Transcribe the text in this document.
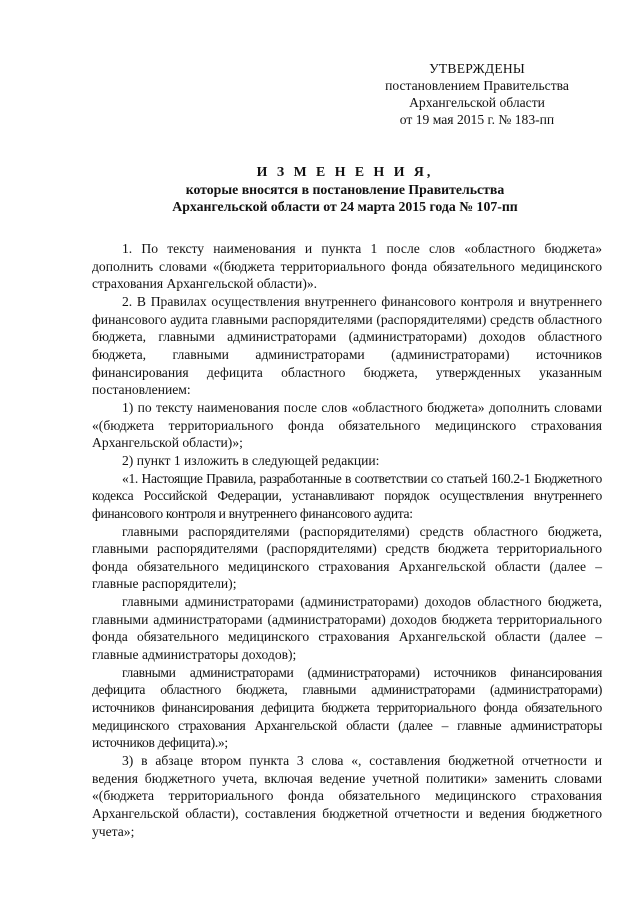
УТВЕРЖДЕНЫ
постановлением Правительства
Архангельской области
от 19 мая 2015 г. № 183-пп
И З М Е Н Е Н И Я,
которые вносятся в постановление Правительства
Архангельской области от 24 марта 2015 года № 107-пп

1. По тексту наименования и пункта 1 после слов «областного бюджета» дополнить словами «(бюджета территориального фонда обязательного медицинского страхования Архангельской области)».

2. В Правилах осуществления внутреннего финансового контроля и внутреннего финансового аудита главными распорядителями (распорядителями) средств областного бюджета, главными администраторами (администраторами) доходов областного бюджета, главными администраторами (администраторами) источников финансирования дефицита областного бюджета, утвержденных указанным постановлением:

1) по тексту наименования после слов «областного бюджета» дополнить словами «(бюджета территориального фонда обязательного медицинского страхования Архангельской области)»;

2) пункт 1 изложить в следующей редакции:

«1. Настоящие Правила, разработанные в соответствии со статьей 160.2-1 Бюджетного кодекса Российской Федерации, устанавливают порядок осуществления внутреннего финансового контроля и внутреннего финансового аудита:

главными распорядителями (распорядителями) средств областного бюджета, главными распорядителями (распорядителями) средств бюджета территориального фонда обязательного медицинского страхования Архангельской области (далее – главные распорядители);

главными администраторами (администраторами) доходов областного бюджета, главными администраторами (администраторами) доходов бюджета территориального фонда обязательного медицинского страхования Архангельской области (далее – главные администраторы доходов);

главными администраторами (администраторами) источников финансирования дефицита областного бюджета, главными администраторами (администраторами) источников финансирования дефицита бюджета территориального фонда обязательного медицинского страхования Архангельской области (далее – главные администраторы источников дефицита).»;

3) в абзаце втором пункта 3 слова «, составления бюджетной отчетности и ведения бюджетного учета, включая ведение учетной политики» заменить словами «(бюджета территориального фонда обязательного медицинского страхования Архангельской области), составления бюджетной отчетности и ведения бюджетного учета»;
